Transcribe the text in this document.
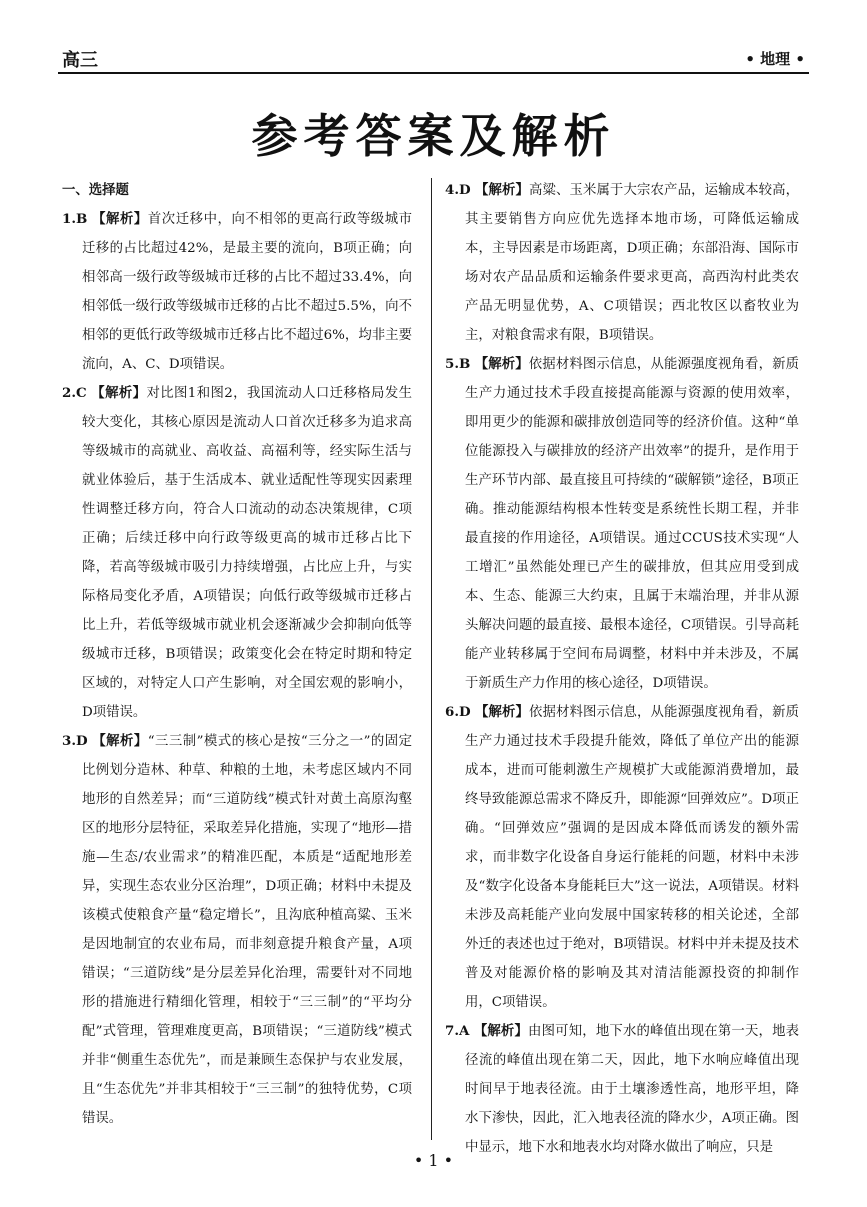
高三	• 地理 •
参考答案及解析

一、选择题

1.B 【解析】首次迁移中，向不相邻的更高行政等级城市迁移的占比超过42%，是最主要的流向，B项正确；向相邻高一级行政等级城市迁移的占比不超过33.4%，向相邻低一级行政等级城市迁移的占比不超过5.5%，向不相邻的更低行政等级城市迁移占比不超过6%，均非主要流向，A、C、D项错误。

2.C 【解析】对比图1和图2，我国流动人口迁移格局发生较大变化，其核心原因是流动人口首次迁移多为追求高等级城市的高就业、高收益、高福利等，经实际生活与就业体验后，基于生活成本、就业适配性等现实因素理性调整迁移方向，符合人口流动的动态决策规律，C项正确；后续迁移中向行政等级更高的城市迁移占比下降，若高等级城市吸引力持续增强，占比应上升，与实际格局变化矛盾，A项错误；向低行政等级城市迁移占比上升，若低等级城市就业机会逐渐减少会抑制向低等级城市迁移，B项错误；政策变化会在特定时期和特定区域的，对特定人口产生影响，对全国宏观的影响小，D项错误。

3.D 【解析】“三三制”模式的核心是按“三分之一”的固定比例划分造林、种草、种粮的土地，未考虑区域内不同地形的自然差异；而“三道防线”模式针对黄土高原沟壑区的地形分层特征，采取差异化措施，实现了“地形—措施—生态/农业需求”的精准匹配，本质是“适配地形差异，实现生态农业分区治理”，D项正确；材料中未提及该模式使粮食产量“稳定增长”，且沟底种植高粱、玉米是因地制宜的农业布局，而非刻意提升粮食产量，A项错误；“三道防线”是分层差异化治理，需要针对不同地形的措施进行精细化管理，相较于“三三制”的“平均分配”式管理，管理难度更高，B项错误；“三道防线”模式并非“侧重生态优先”，而是兼顾生态保护与农业发展，且“生态优先”并非其相较于“三三制”的独特优势，C项错误。

4.D 【解析】高粱、玉米属于大宗农产品，运输成本较高，其主要销售方向应优先选择本地市场，可降低运输成本，主导因素是市场距离，D项正确；东部沿海、国际市场对农产品品质和运输条件要求更高，高西沟村此类农产品无明显优势，A、C项错误；西北牧区以畜牧业为主，对粮食需求有限，B项错误。

5.B 【解析】依据材料图示信息，从能源强度视角看，新质生产力通过技术手段直接提高能源与资源的使用效率，即用更少的能源和碳排放创造同等的经济价值。这种“单位能源投入与碳排放的经济产出效率”的提升，是作用于生产环节内部、最直接且可持续的“碳解锁”途径，B项正确。推动能源结构根本性转变是系统性长期工程，并非最直接的作用途径，A项错误。通过CCUS技术实现“人工增汇”虽然能处理已产生的碳排放，但其应用受到成本、生态、能源三大约束，且属于末端治理，并非从源头解决问题的最直接、最根本途径，C项错误。引导高耗能产业转移属于空间布局调整，材料中并未涉及，不属于新质生产力作用的核心途径，D项错误。

6.D 【解析】依据材料图示信息，从能源强度视角看，新质生产力通过技术手段提升能效，降低了单位产出的能源成本，进而可能刺激生产规模扩大或能源消费增加，最终导致能源总需求不降反升，即能源“回弹效应”。D项正确。“回弹效应”强调的是因成本降低而诱发的额外需求，而非数字化设备自身运行能耗的问题，材料中未涉及“数字化设备本身能耗巨大”这一说法，A项错误。材料未涉及高耗能产业向发展中国家转移的相关论述，全部外迁的表述也过于绝对，B项错误。材料中并未提及技术普及对能源价格的影响及其对清洁能源投资的抑制作用，C项错误。

7.A 【解析】由图可知，地下水的峰值出现在第一天，地表径流的峰值出现在第二天，因此，地下水响应峰值出现时间早于地表径流。由于土壤渗透性高，地形平坦，降水下渗快，因此，汇入地表径流的降水少，A项正确。图中显示，地下水和地表水均对降水做出了响应，只是

• 1 •
